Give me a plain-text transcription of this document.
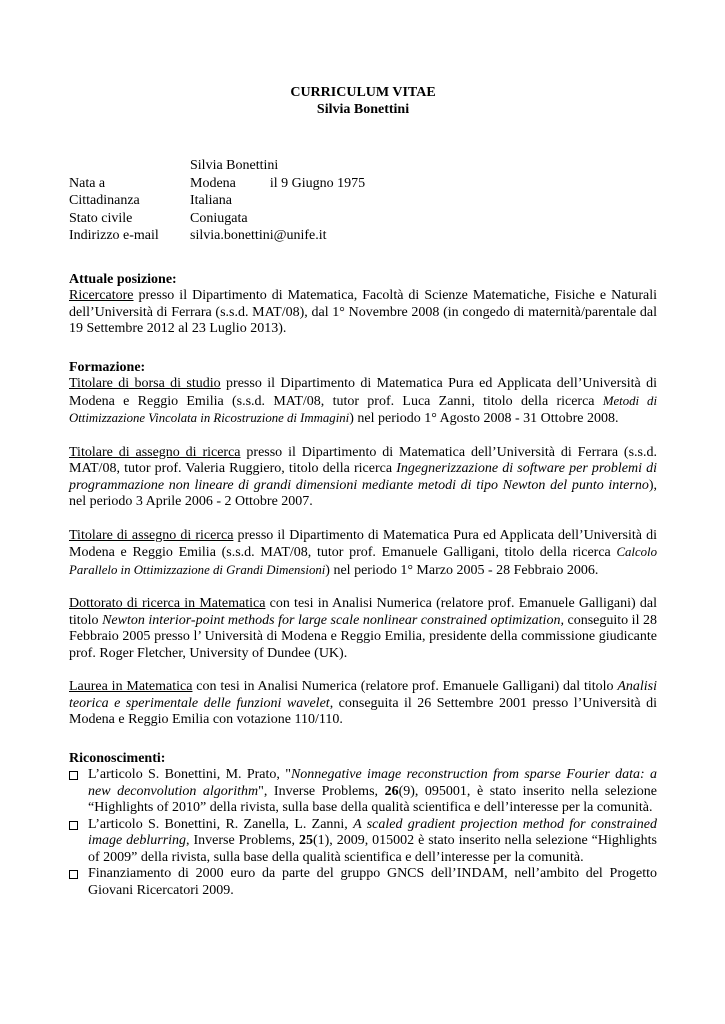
CURRICULUM VITAE
Silvia Bonettini
Silvia Bonettini
Nata a	Modena il 9 Giugno 1975
Cittadinanza	Italiana
Stato civile	Coniugata
Indirizzo e-mail	silvia.bonettini@unife.it
Attuale posizione:

Ricercatore presso il Dipartimento di Matematica, Facoltà di Scienze Matematiche, Fisiche e Naturali dell’Università di Ferrara (s.s.d. MAT/08), dal 1° Novembre 2008 (in congedo di maternità/parentale dal 19 Settembre 2012 al 23 Luglio 2013).

Formazione:

Titolare di borsa di studio presso il Dipartimento di Matematica Pura ed Applicata dell’Università di Modena e Reggio Emilia (s.s.d. MAT/08, tutor prof. Luca Zanni, titolo della ricerca Metodi di Ottimizzazione Vincolata in Ricostruzione di Immagini) nel periodo 1° Agosto 2008 - 31 Ottobre 2008.

Titolare di assegno di ricerca presso il Dipartimento di Matematica dell’Università di Ferrara (s.s.d. MAT/08, tutor prof. Valeria Ruggiero, titolo della ricerca Ingegnerizzazione di software per problemi di programmazione non lineare di grandi dimensioni mediante metodi di tipo Newton del punto interno), nel periodo 3 Aprile 2006 - 2 Ottobre 2007.

Titolare di assegno di ricerca presso il Dipartimento di Matematica Pura ed Applicata dell’Università di Modena e Reggio Emilia (s.s.d. MAT/08, tutor prof. Emanuele Galligani, titolo della ricerca Calcolo Parallelo in Ottimizzazione di Grandi Dimensioni) nel periodo 1° Marzo 2005 - 28 Febbraio 2006.

Dottorato di ricerca in Matematica con tesi in Analisi Numerica (relatore prof. Emanuele Galligani) dal titolo Newton interior-point methods for large scale nonlinear constrained optimization, conseguito il 28 Febbraio 2005 presso l’ Università di Modena e Reggio Emilia, presidente della commissione giudicante prof. Roger Fletcher, University of Dundee (UK).

Laurea in Matematica con tesi in Analisi Numerica (relatore prof. Emanuele Galligani) dal titolo Analisi teorica e sperimentale delle funzioni wavelet, conseguita il 26 Settembre 2001 presso l’Università di Modena e Reggio Emilia con votazione 110/110.

Riconoscimenti:
L’articolo S. Bonettini, M. Prato, "Nonnegative image reconstruction from sparse Fourier data: a new deconvolution algorithm", Inverse Problems, 26(9), 095001, è stato inserito nella selezione “Highlights of 2010” della rivista, sulla base della qualità scientifica e dell’interesse per la comunità.
L’articolo S. Bonettini, R. Zanella, L. Zanni, A scaled gradient projection method for constrained image deblurring, Inverse Problems, 25(1), 2009, 015002 è stato inserito nella selezione “Highlights of 2009” della rivista, sulla base della qualità scientifica e dell’interesse per la comunità.
Finanziamento di 2000 euro da parte del gruppo GNCS dell’INDAM, nell’ambito del Progetto Giovani Ricercatori 2009.
